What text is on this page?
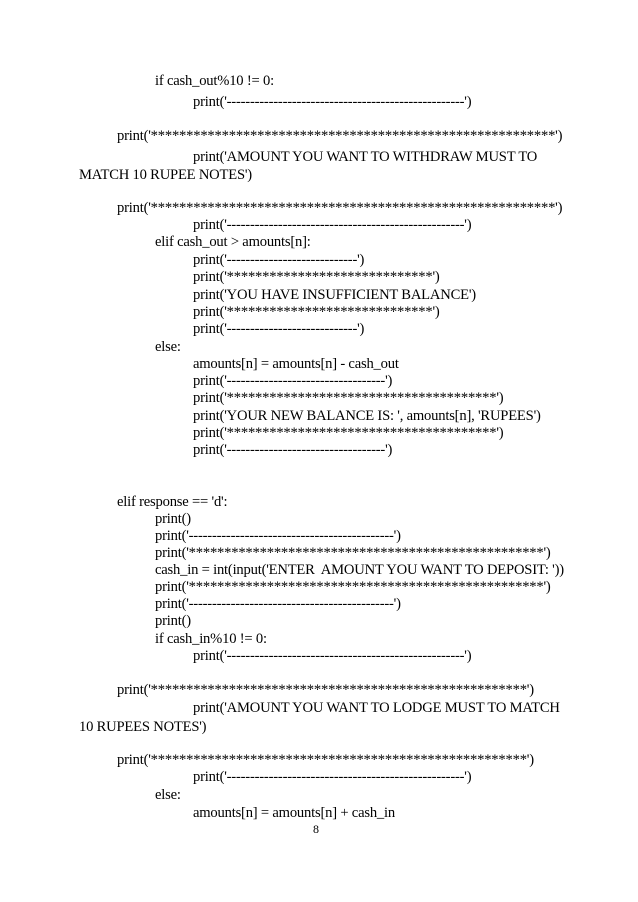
if cash_out%10 != 0:
print('---------------------------------------------------')
print('*********************************************************')
print('AMOUNT YOU WANT TO WITHDRAW MUST TO
MATCH 10 RUPEE NOTES')
print('*********************************************************')
print('---------------------------------------------------')
elif cash_out > amounts[n]:
print('----------------------------')
print('*****************************')
print('YOU HAVE INSUFFICIENT BALANCE')
print('*****************************')
print('----------------------------')
else:
amounts[n] = amounts[n] - cash_out
print('----------------------------------')
print('**************************************')
print('YOUR NEW BALANCE IS: ', amounts[n], 'RUPEES')
print('**************************************')
print('----------------------------------')
elif response == 'd':
print()
print('--------------------------------------------')
print('**************************************************')
cash_in = int(input('ENTER  AMOUNT YOU WANT TO DEPOSIT: '))
print('**************************************************')
print('--------------------------------------------')
print()
if cash_in%10 != 0:
print('---------------------------------------------------')
print('*****************************************************')
print('AMOUNT YOU WANT TO LODGE MUST TO MATCH
10 RUPEES NOTES')
print('*****************************************************')
print('---------------------------------------------------')
else:
amounts[n] = amounts[n] + cash_in
8
